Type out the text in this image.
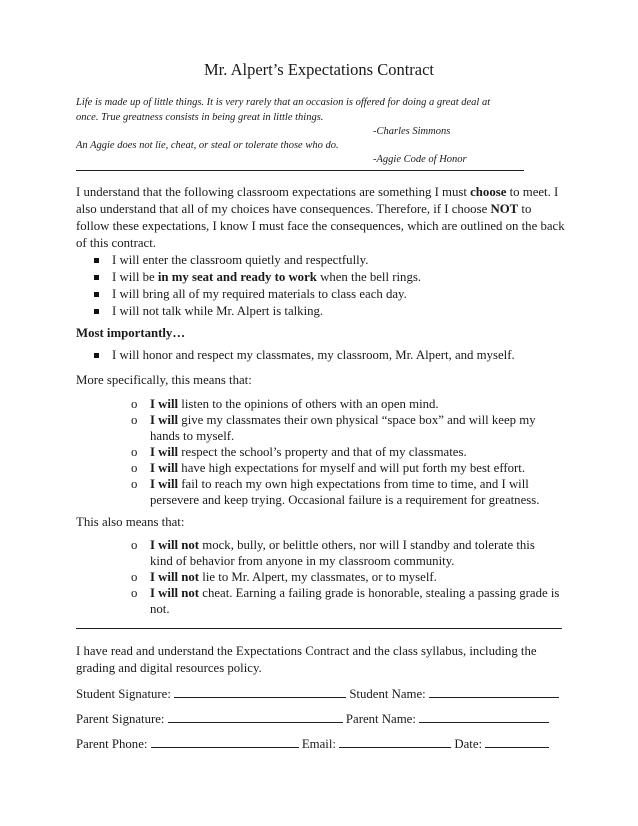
Mr. Alpert’s Expectations Contract
Life is made up of little things. It is very rarely that an occasion is offered for doing a great deal at
once. True greatness consists in being great in little things.
-Charles Simmons
An Aggie does not lie, cheat, or steal or tolerate those who do.
-Aggie Code of Honor
I understand that the following classroom expectations are something I must choose to meet. I also understand that all of my choices have consequences. Therefore, if I choose NOT to follow these expectations, I know I must face the consequences, which are outlined on the back of this contract.
I will enter the classroom quietly and respectfully.
I will be in my seat and ready to work when the bell rings.
I will bring all of my required materials to class each day.
I will not talk while Mr. Alpert is talking.
Most importantly…
I will honor and respect my classmates, my classroom, Mr. Alpert, and myself.
More specifically, this means that:
o I will listen to the opinions of others with an open mind.
o I will give my classmates their own physical “space box” and will keep my hands to myself.
o I will respect the school’s property and that of my classmates.
o I will have high expectations for myself and will put forth my best effort.
o I will fail to reach my own high expectations from time to time, and I will persevere and keep trying. Occasional failure is a requirement for greatness.
This also means that:
o I will not mock, bully, or belittle others, nor will I standby and tolerate this kind of behavior from anyone in my classroom community.
o I will not lie to Mr. Alpert, my classmates, or to myself.
o I will not cheat. Earning a failing grade is honorable, stealing a passing grade is not.
I have read and understand the Expectations Contract and the class syllabus, including the grading and digital resources policy.
Student Signature:	Student Name:
Parent Signature:	Parent Name:
Parent Phone:	Email:	Date:
